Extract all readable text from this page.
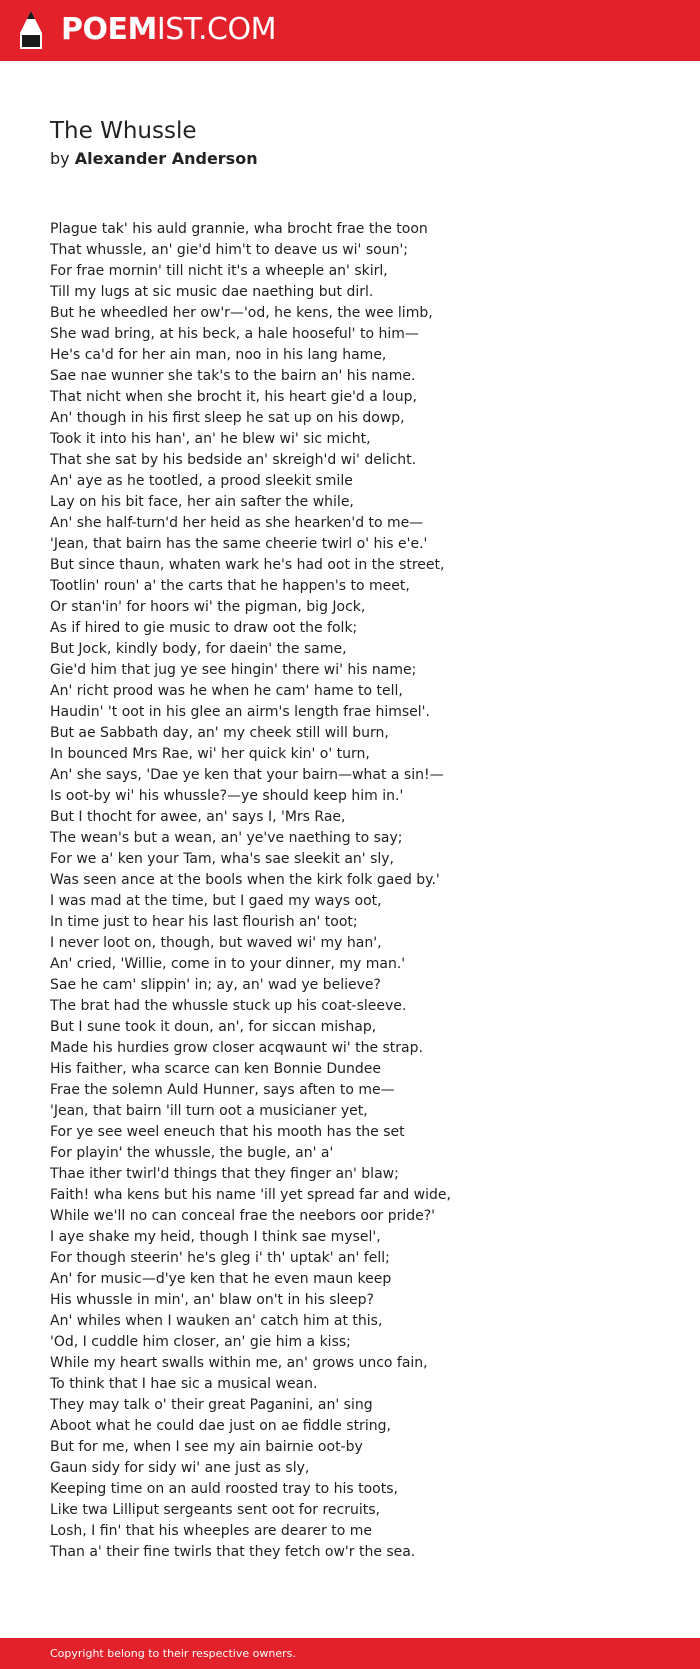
POEMIST.COM
The Whussle
by Alexander Anderson
Plague tak' his auld grannie, wha brocht frae the toon
That whussle, an' gie'd him't to deave us wi' soun';
For frae mornin' till nicht it's a wheeple an' skirl,
Till my lugs at sic music dae naething but dirl.
But he wheedled her ow'r—'od, he kens, the wee limb,
She wad bring, at his beck, a hale hooseful' to him—
He's ca'd for her ain man, noo in his lang hame,
Sae nae wunner she tak's to the bairn an' his name.
That nicht when she brocht it, his heart gie'd a loup,
An' though in his first sleep he sat up on his dowp,
Took it into his han', an' he blew wi' sic micht,
That she sat by his bedside an' skreigh'd wi' delicht.
An' aye as he tootled, a prood sleekit smile
Lay on his bit face, her ain safter the while,
An' she half-turn'd her heid as she hearken'd to me—
'Jean, that bairn has the same cheerie twirl o' his e'e.'
But since thaun, whaten wark he's had oot in the street,
Tootlin' roun' a' the carts that he happen's to meet,
Or stan'in' for hoors wi' the pigman, big Jock,
As if hired to gie music to draw oot the folk;
But Jock, kindly body, for daein' the same,
Gie'd him that jug ye see hingin' there wi' his name;
An' richt prood was he when he cam' hame to tell,
Haudin' 't oot in his glee an airm's length frae himsel'.
But ae Sabbath day, an' my cheek still will burn,
In bounced Mrs Rae, wi' her quick kin' o' turn,
An' she says, 'Dae ye ken that your bairn—what a sin!—
Is oot-by wi' his whussle?—ye should keep him in.'
But I thocht for awee, an' says I, 'Mrs Rae,
The wean's but a wean, an' ye've naething to say;
For we a' ken your Tam, wha's sae sleekit an' sly,
Was seen ance at the bools when the kirk folk gaed by.'
I was mad at the time, but I gaed my ways oot,
In time just to hear his last flourish an' toot;
I never loot on, though, but waved wi' my han',
An' cried, 'Willie, come in to your dinner, my man.'
Sae he cam' slippin' in; ay, an' wad ye believe?
The brat had the whussle stuck up his coat-sleeve.
But I sune took it doun, an', for siccan mishap,
Made his hurdies grow closer acqwaunt wi' the strap.
His faither, wha scarce can ken Bonnie Dundee
Frae the solemn Auld Hunner, says aften to me—
'Jean, that bairn 'ill turn oot a musicianer yet,
For ye see weel eneuch that his mooth has the set
For playin' the whussle, the bugle, an' a'
Thae ither twirl'd things that they finger an' blaw;
Faith! wha kens but his name 'ill yet spread far and wide,
While we'll no can conceal frae the neebors oor pride?'
I aye shake my heid, though I think sae mysel',
For though steerin' he's gleg i' th' uptak' an' fell;
An' for music—d'ye ken that he even maun keep
His whussle in min', an' blaw on't in his sleep?
An' whiles when I wauken an' catch him at this,
'Od, I cuddle him closer, an' gie him a kiss;
While my heart swalls within me, an' grows unco fain,
To think that I hae sic a musical wean.
They may talk o' their great Paganini, an' sing
Aboot what he could dae just on ae fiddle string,
But for me, when I see my ain bairnie oot-by
Gaun sidy for sidy wi' ane just as sly,
Keeping time on an auld roosted tray to his toots,
Like twa Lilliput sergeants sent oot for recruits,
Losh, I fin' that his wheeples are dearer to me
Than a' their fine twirls that they fetch ow'r the sea.
Copyright belong to their respective owners.
